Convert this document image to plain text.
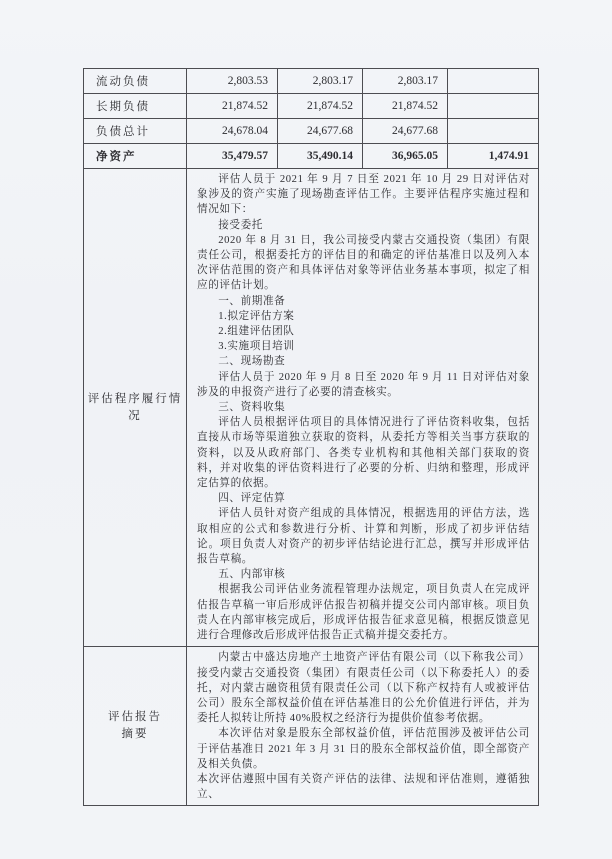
流动负债	2,803.53	2,803.17	2,803.17	
长期负债	21,874.52	21,874.52	21,874.52	
负债总计	24,678.04	24,677.68	24,677.68	
净资产	35,479.57	35,490.14	36,965.05	1,474.91

评估程序履行情
况

评估人员于 2021 年 9 月 7 日至 2021 年 10 月 29 日对评估对象涉及的资产实施了现场勘查评估工作。主要评估程序实施过程和情况如下：

接受委托

2020 年 8 月 31 日，我公司接受内蒙古交通投资（集团）有限责任公司，根据委托方的评估目的和确定的评估基准日以及列入本次评估范围的资产和具体评估对象等评估业务基本事项，拟定了相应的评估计划。

一、前期准备

1.拟定评估方案

2.组建评估团队

3.实施项目培训

二、现场勘查

评估人员于 2020 年 9 月 8 日至 2020 年 9 月 11 日对评估对象涉及的申报资产进行了必要的清查核实。

三、资料收集

评估人员根据评估项目的具体情况进行了评估资料收集，包括直接从市场等渠道独立获取的资料，从委托方等相关当事方获取的资料，以及从政府部门、各类专业机构和其他相关部门获取的资料，并对收集的评估资料进行了必要的分析、归纳和整理，形成评定估算的依据。

四、评定估算

评估人员针对资产组成的具体情况，根据选用的评估方法，选取相应的公式和参数进行分析、计算和判断，形成了初步评估结论。项目负责人对资产的初步评估结论进行汇总，撰写并形成评估报告草稿。

五、内部审核

根据我公司评估业务流程管理办法规定，项目负责人在完成评估报告草稿一审后形成评估报告初稿并提交公司内部审核。项目负责人在内部审核完成后，形成评估报告征求意见稿，根据反馈意见进行合理修改后形成评估报告正式稿并提交委托方。

评估报告
摘要

内蒙古中盛达房地产土地资产评估有限公司（以下称我公司）接受内蒙古交通投资（集团）有限责任公司（以下称委托人）的委托，对内蒙古融资租赁有限责任公司（以下称产权持有人或被评估公司）股东全部权益价值在评估基准日的公允价值进行评估，并为委托人拟转让所持 40%股权之经济行为提供价值参考依据。

本次评估对象是股东全部权益价值，评估范围涉及被评估公司于评估基准日 2021 年 3 月 31 日的股东全部权益价值，即全部资产及相关负债。

本次评估遵照中国有关资产评估的法律、法规和评估准则，遵循独立、
